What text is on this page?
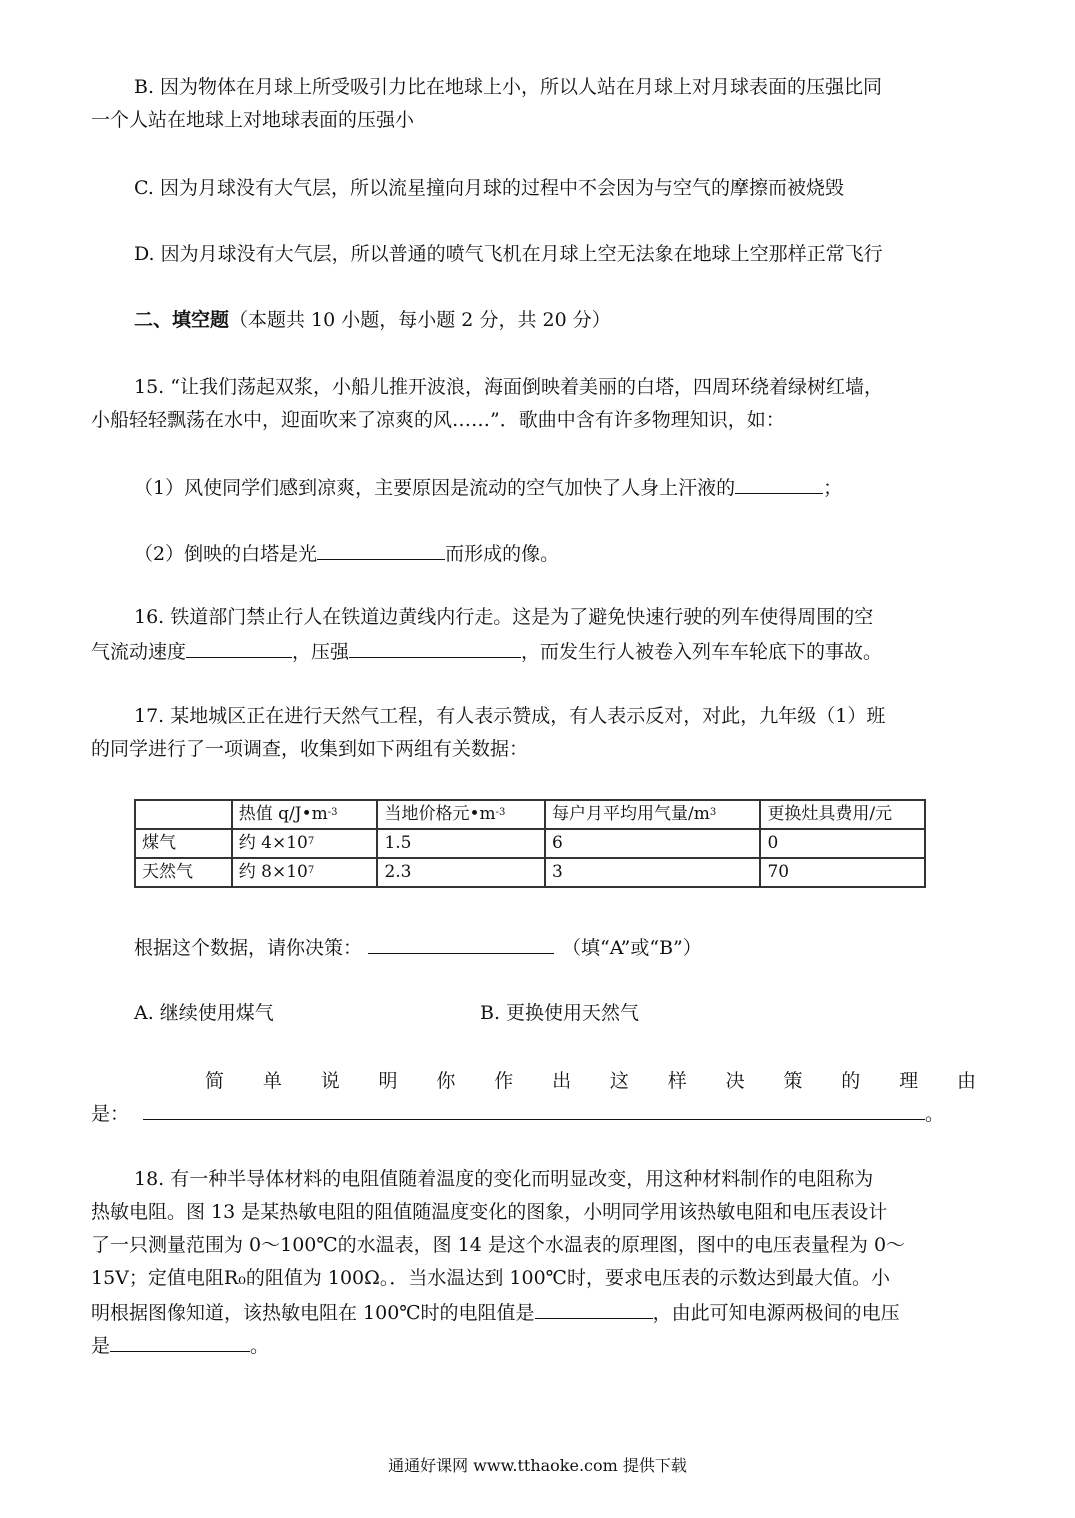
B. 因为物体在月球上所受吸引力比在地球上小，所以人站在月球上对月球表面的压强比同
一个人站在地球上对地球表面的压强小
C. 因为月球没有大气层，所以流星撞向月球的过程中不会因为与空气的摩擦而被烧毁
D. 因为月球没有大气层，所以普通的喷气飞机在月球上空无法象在地球上空那样正常飞行
二、填空题（本题共 10 小题，每小题 2 分，共 20 分）
15. “让我们荡起双浆，小船儿推开波浪，海面倒映着美丽的白塔，四周环绕着绿树红墙，
小船轻轻飘荡在水中，迎面吹来了凉爽的风……”．歌曲中含有许多物理知识，如：
（1）风使同学们感到凉爽，主要原因是流动的空气加快了人身上汗液的	；
（2）倒映的白塔是光	而形成的像。
16. 铁道部门禁止行人在铁道边黄线内行走。这是为了避免快速行驶的列车使得周围的空
气流动速度	，压强	，而发生行人被卷入列车车轮底下的事故。
17. 某地城区正在进行天然气工程，有人表示赞成，有人表示反对，对此，九年级（1）班
的同学进行了一项调查，收集到如下两组有关数据：
	热值 $q/J•m^{-3}$	当地价格元$•m^{-3}$	每户月平均用气量$/m^3$	更换灶具费用/元
煤气	约 $4\times 10^7$	1.5	6	0
天然气	约 $8\times 10^7$	2.3	3	70
根据这个数据，请你决策：	（填“A”或“B”）
A. 继续使用煤气	B. 更换使用天然气
简 单 说 明 你 作 出 这 样 决 策 的 理 由
是：	。
18. 有一种半导体材料的电阻值随着温度的变化而明显改变，用这种材料制作的电阻称为
热敏电阻。图 13 是某热敏电阻的阻值随温度变化的图象，小明同学用该热敏电阻和电压表设计
了一只测量范围为 0～100℃的水温表，图 14 是这个水温表的原理图，图中的电压表量程为 0～
15V；定值电阻R₀的阻值为 100Ω。．当水温达到 100℃时，要求电压表的示数达到最大值。小
明根据图像知道，该热敏电阻在 100℃时的电阻值是	，由此可知电源两极间的电压
是	。
通通好课网 www.tthaoke.com 提供下载
